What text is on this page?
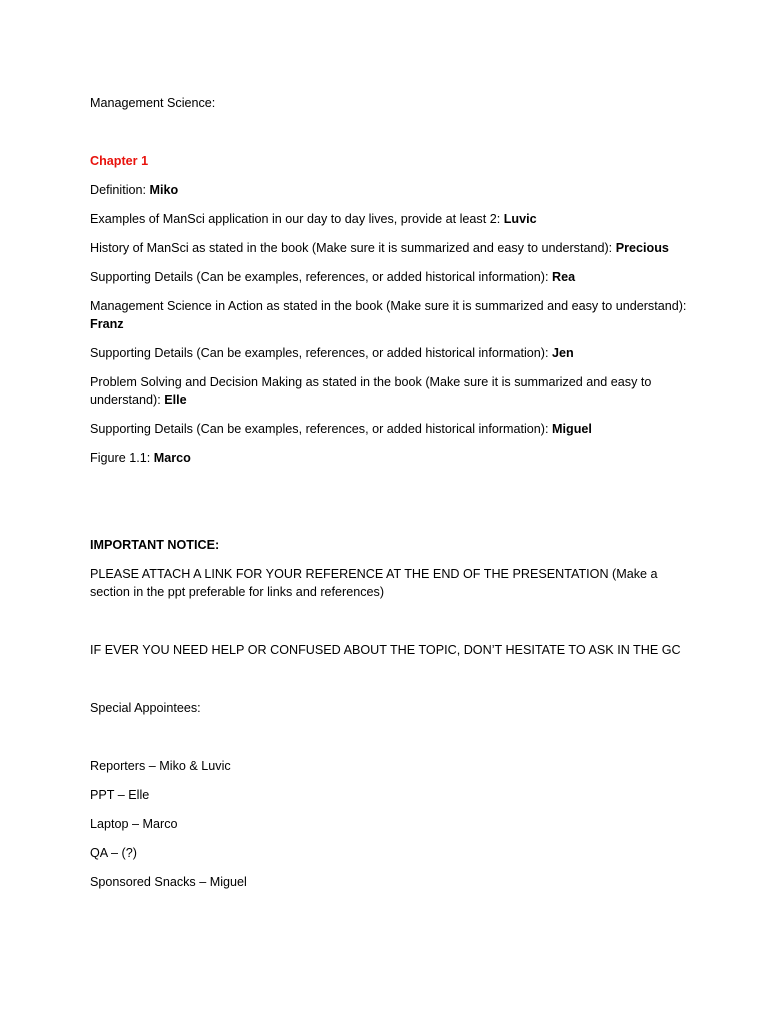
Management Science:

Chapter 1

Definition: Miko

Examples of ManSci application in our day to day lives, provide at least 2: Luvic

History of ManSci as stated in the book (Make sure it is summarized and easy to understand): Precious

Supporting Details (Can be examples, references, or added historical information): Rea

Management Science in Action as stated in the book (Make sure it is summarized and easy to understand): Franz

Supporting Details (Can be examples, references, or added historical information): Jen

Problem Solving and Decision Making as stated in the book (Make sure it is summarized and easy to understand): Elle

Supporting Details (Can be examples, references, or added historical information): Miguel

Figure 1.1: Marco

IMPORTANT NOTICE:

PLEASE ATTACH A LINK FOR YOUR REFERENCE AT THE END OF THE PRESENTATION (Make a section in the ppt preferable for links and references)

IF EVER YOU NEED HELP OR CONFUSED ABOUT THE TOPIC, DON’T HESITATE TO ASK IN THE GC

Special Appointees:

Reporters – Miko & Luvic

PPT – Elle

Laptop – Marco

QA – (?)

Sponsored Snacks – Miguel
